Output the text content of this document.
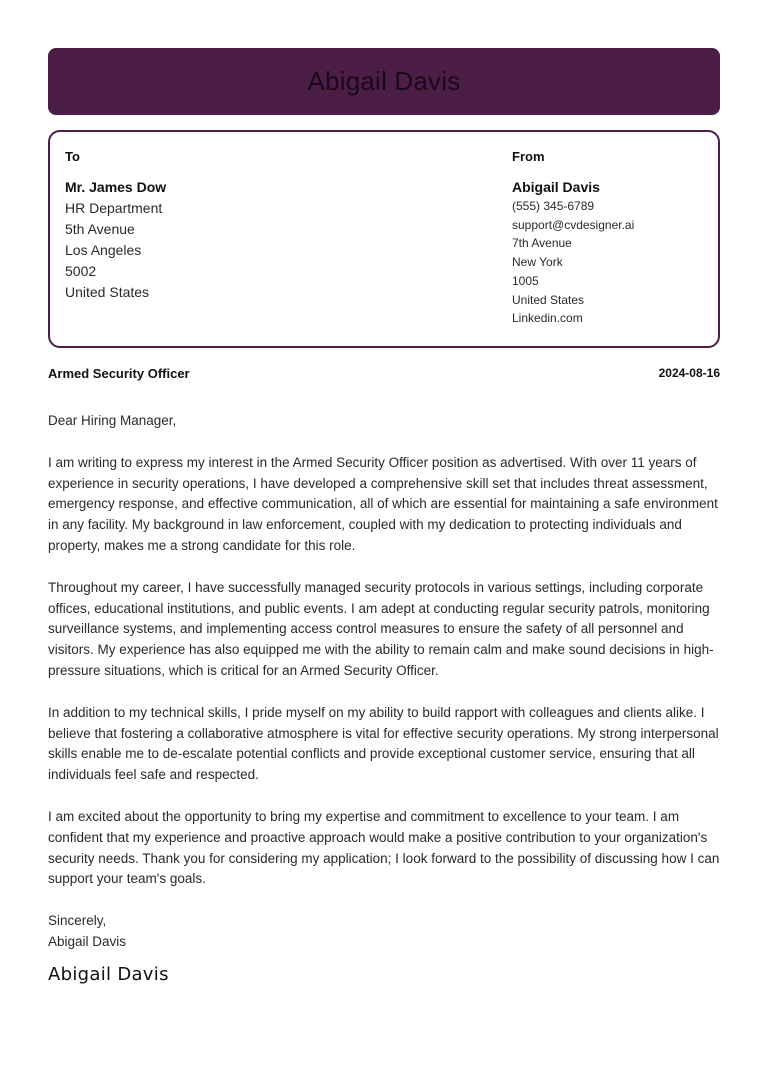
Abigail Davis
To
Mr. James Dow
HR Department
5th Avenue
Los Angeles
5002
United States
From
Abigail Davis
(555) 345-6789
support@cvdesigner.ai
7th Avenue
New York
1005
United States
Linkedin.com
Armed Security Officer	2024-08-16

Dear Hiring Manager,

I am writing to express my interest in the Armed Security Officer position as advertised. With over 11 years of experience in security operations, I have developed a comprehensive skill set that includes threat assessment, emergency response, and effective communication, all of which are essential for maintaining a safe environment in any facility. My background in law enforcement, coupled with my dedication to protecting individuals and property, makes me a strong candidate for this role.

Throughout my career, I have successfully managed security protocols in various settings, including corporate offices, educational institutions, and public events. I am adept at conducting regular security patrols, monitoring surveillance systems, and implementing access control measures to ensure the safety of all personnel and visitors. My experience has also equipped me with the ability to remain calm and make sound decisions in high-pressure situations, which is critical for an Armed Security Officer.

In addition to my technical skills, I pride myself on my ability to build rapport with colleagues and clients alike. I believe that fostering a collaborative atmosphere is vital for effective security operations. My strong interpersonal skills enable me to de-escalate potential conflicts and provide exceptional customer service, ensuring that all individuals feel safe and respected.

I am excited about the opportunity to bring my expertise and commitment to excellence to your team. I am confident that my experience and proactive approach would make a positive contribution to your organization's security needs. Thank you for considering my application; I look forward to the possibility of discussing how I can support your team's goals.

Sincerely,

Abigail Davis

Abigail Davis
